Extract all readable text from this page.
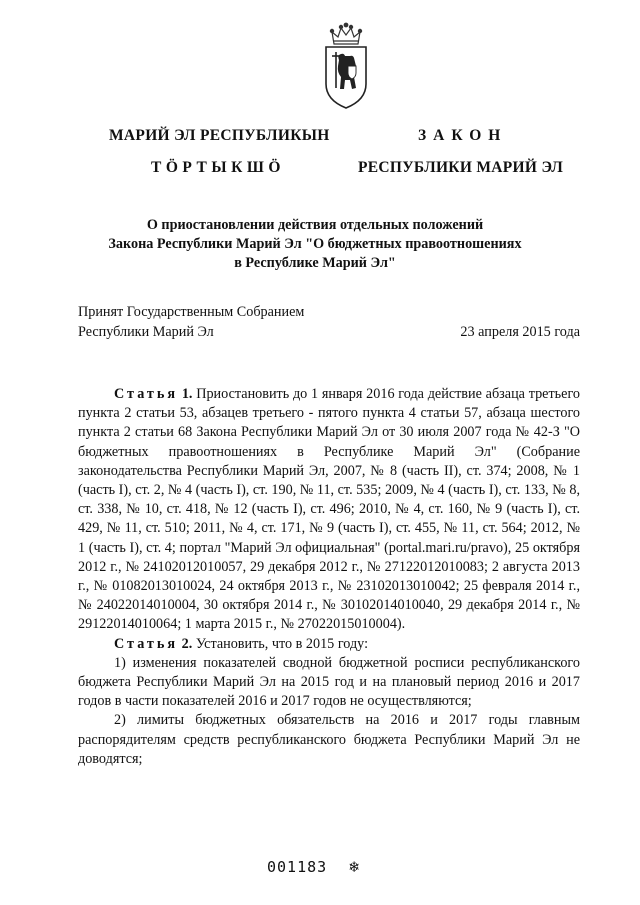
МАРИЙ ЭЛ РЕСПУБЛИКЫН
ТӦРТЫКШӦ
ЗАКОН
РЕСПУБЛИКИ МАРИЙ ЭЛ
О приостановлении действия отдельных положений
Закона Республики Марий Эл "О бюджетных правоотношениях
в Республике Марий Эл"
Принят Государственным Собранием
Республики Марий Эл	23 апреля 2015 года

Статья 1. Приостановить до 1 января 2016 года действие абзаца третьего пункта 2 статьи 53, абзацев третьего - пятого пункта 4 статьи 57, абзаца шестого пункта 2 статьи 68 Закона Республики Марий Эл от 30 июля 2007 года № 42-З "О бюджетных правоотношениях в Республике Марий Эл" (Собрание законодательства Республики Марий Эл, 2007, № 8 (часть II), ст. 374; 2008, № 1 (часть I), ст. 2, № 4 (часть I), ст. 190, № 11, ст. 535; 2009, № 4 (часть I), ст. 133, № 8, ст. 338, № 10, ст. 418, № 12 (часть I), ст. 496; 2010, № 4, ст. 160, № 9 (часть I), ст. 429, № 11, ст. 510; 2011, № 4, ст. 171, № 9 (часть I), ст. 455, № 11, ст. 564; 2012, № 1 (часть I), ст. 4; портал "Марий Эл официальная" (portal.mari.ru/pravo), 25 октября 2012 г., № 24102012010057, 29 декабря 2012 г., № 27122012010083; 2 августа 2013 г., № 01082013010024, 24 октября 2013 г., № 23102013010042; 25 февраля 2014 г., № 24022014010004, 30 октября 2014 г., № 30102014010040, 29 декабря 2014 г., № 29122014010064; 1 марта 2015 г., № 27022015010004).

Статья 2. Установить, что в 2015 году:

1) изменения показателей сводной бюджетной росписи республиканского бюджета Республики Марий Эл на 2015 год и на плановый период 2016 и 2017 годов в части показателей 2016 и 2017 годов не осуществляются;

2) лимиты бюджетных обязательств на 2016 и 2017 годы главным распорядителям средств республиканского бюджета Республики Марий Эл не доводятся;

001183 ❄
